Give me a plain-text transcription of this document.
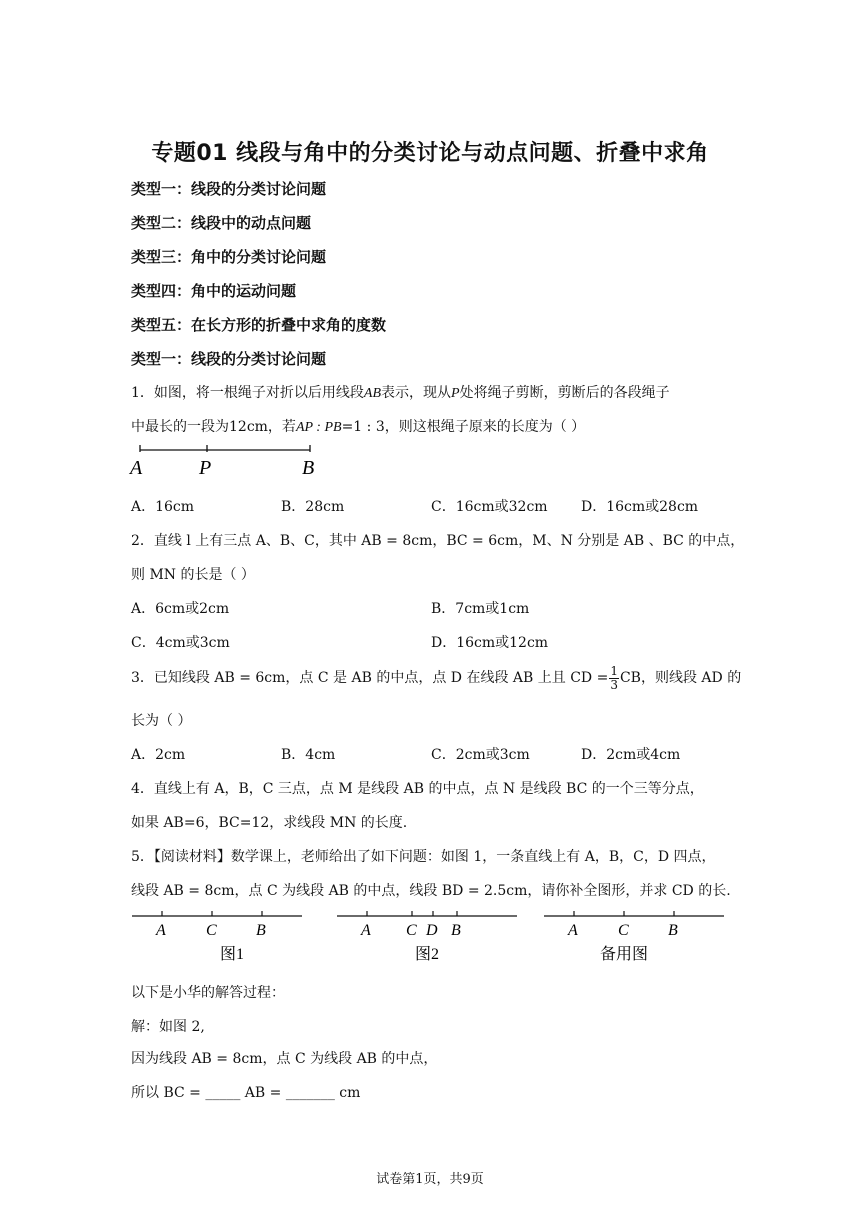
专题01 线段与角中的分类讨论与动点问题、折叠中求角
类型一：线段的分类讨论问题
类型二：线段中的动点问题
类型三：角中的分类讨论问题
类型四：角中的运动问题
类型五：在长方形的折叠中求角的度数
类型一：线段的分类讨论问题
1．如图，将一根绳子对折以后用线段AB表示，现从P处将绳子剪断，剪断后的各段绳子
中最长的一段为12cm，若AP : PB=1 : 3，则这根绳子原来的长度为（ ）
A	P	B
A．16cm	B．28cm	C．16cm或32cm D．16cm或28cm
2．直线 l 上有三点 A、B、C，其中 AB = 8cm，BC = 6cm，M、N 分别是 AB 、BC 的中点，
则 MN 的长是（ ）
A．6cm或2cm	B．7cm或1cm
C．4cm或3cm	D．16cm或12cm
3．已知线段 AB = 6cm，点 C 是 AB 的中点，点 D 在线段 AB 上且 CD = $\frac{1}{3}$ CB，则线段 AD 的
长为（ ）
A．2cm	B．4cm	C．2cm或3cm	D．2cm或4cm
4．直线上有 A，B，C 三点，点 M 是线段 AB 的中点，点 N 是线段 BC 的一个三等分点，
如果 AB=6，BC=12，求线段 MN 的长度.
5．【阅读材料】数学课上，老师给出了如下问题：如图 1，一条直线上有 A，B，C，D 四点，
线段 AB = 8cm，点 C 为线段 AB 的中点，线段 BD = 2.5cm，请你补全图形，并求 CD 的长.
A	C B
图1
A C D B
图2
A	C B
备用图
以下是小华的解答过程：
解：如图 2,
因为线段 AB = 8cm，点 C 为线段 AB 的中点，
所以 BC = _____ AB = _______ cm
试卷第1页，共9页
